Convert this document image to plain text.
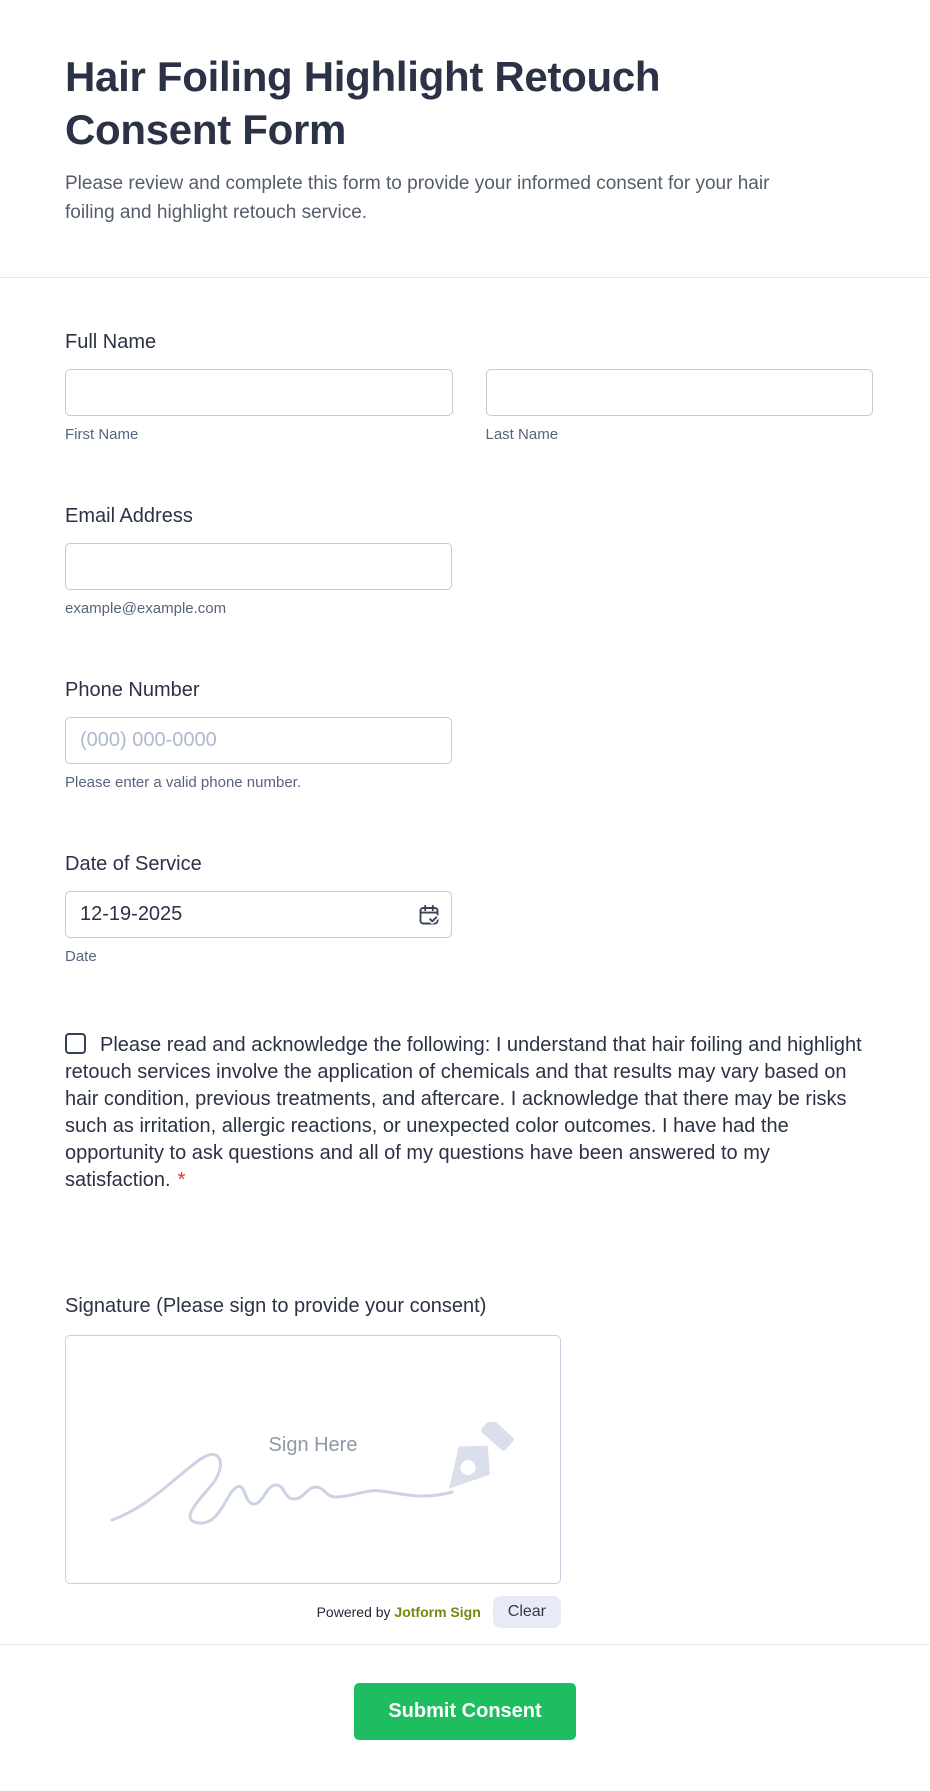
Hair Foiling Highlight Retouch Consent Form

Please review and complete this form to provide your informed consent for your hair foiling and highlight retouch service.

Full Name
First Name	Last Name
Email Address
example@example.com
Phone Number
(000) 000-0000
Please enter a valid phone number.
Date of Service
12-19-2025
Date

Please read and acknowledge the following: I understand that hair foiling and highlight retouch services involve the application of chemicals and that results may vary based on hair condition, previous treatments, and aftercare. I acknowledge that there may be risks such as irritation, allergic reactions, or unexpected color outcomes. I have had the opportunity to ask questions and all of my questions have been answered to my satisfaction. *

Signature (Please sign to provide your consent)
Sign Here
Powered by Jotform Sign	Clear
Submit Consent
